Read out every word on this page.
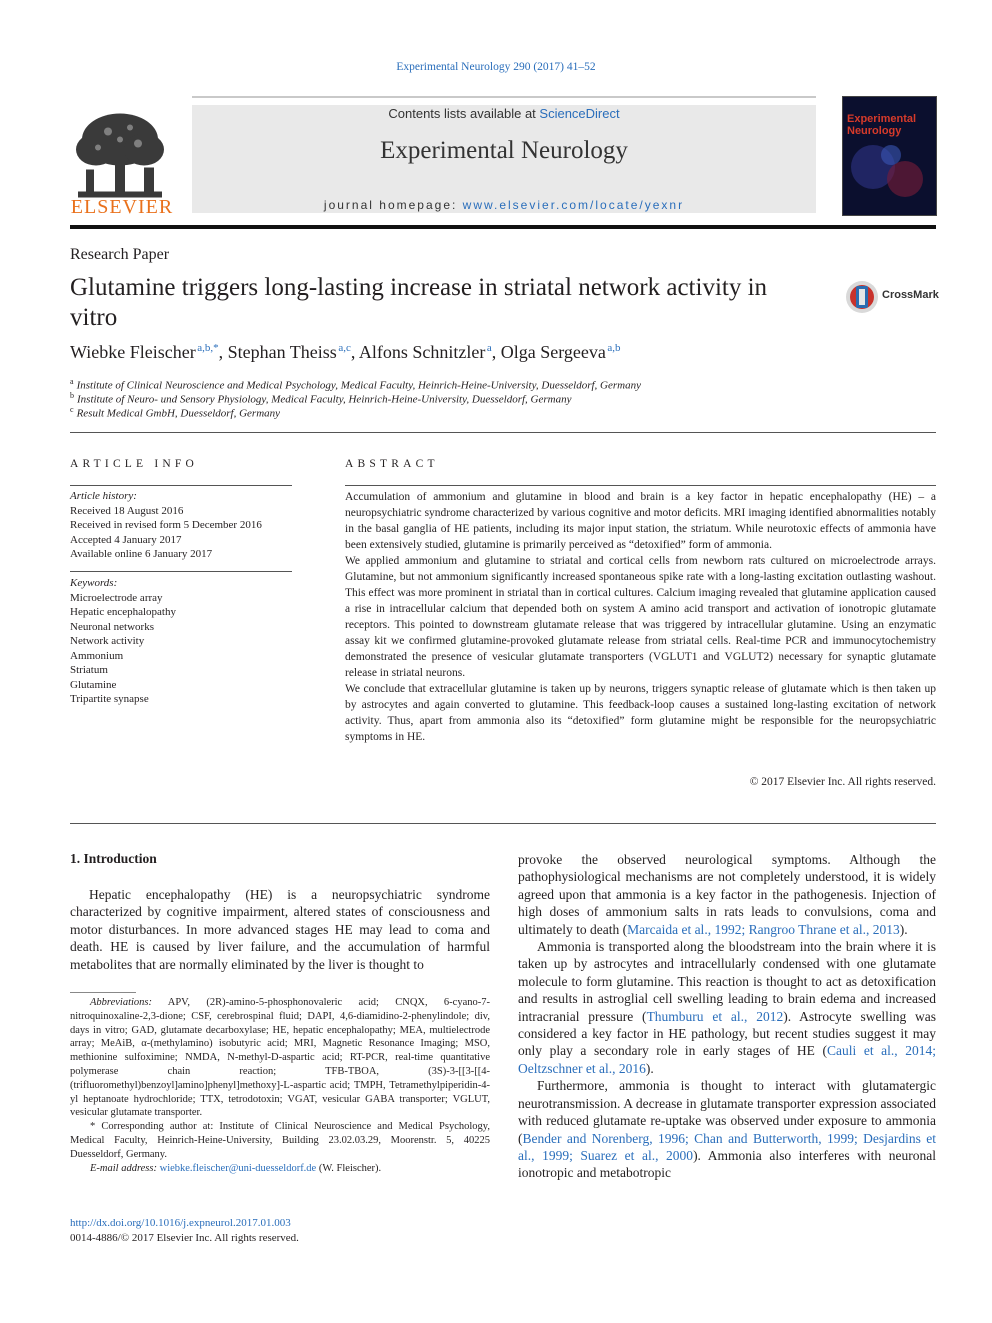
Experimental Neurology 290 (2017) 41–52
ELSEVIER
Contents lists available at ScienceDirect
Experimental Neurology
journal homepage: www.elsevier.com/locate/yexnr
Experimental Neurology
Research Paper
Glutamine triggers long-lasting increase in striatal network activity in vitro
CrossMark
Wiebke Fleischer  $^{a,b,*}$, Stephan Theiss  $^{a,c}$, Alfons Schnitzler  $^a$, Olga Sergeeva  $^{a,b}$
$^a$ Institute of Clinical Neuroscience and Medical Psychology, Medical Faculty, Heinrich-Heine-University, Duesseldorf, Germany
$^b$ Institute of Neuro- und Sensory Physiology, Medical Faculty, Heinrich-Heine-University, Duesseldorf, Germany
$^c$ Result Medical GmbH, Duesseldorf, Germany
ARTICLE INFO
Article history:
Received 18 August 2016
Received in revised form 5 December 2016
Accepted 4 January 2017
Available online 6 January 2017
Keywords:
Microelectrode array
Hepatic encephalopathy
Neuronal networks
Network activity
Ammonium
Striatum
Glutamine
Tripartite synapse
ABSTRACT

Accumulation of ammonium and glutamine in blood and brain is a key factor in hepatic encephalopathy (HE) – a neuropsychiatric syndrome characterized by various cognitive and motor deficits. MRI imaging identified abnormalities notably in the basal ganglia of HE patients, including its major input station, the striatum. While neurotoxic effects of ammonia have been extensively studied, glutamine is primarily perceived as “detoxified” form of ammonia.

We applied ammonium and glutamine to striatal and cortical cells from newborn rats cultured on microelectrode arrays. Glutamine, but not ammonium significantly increased spontaneous spike rate with a long-lasting excitation outlasting washout. This effect was more prominent in striatal than in cortical cultures. Calcium imaging revealed that glutamine application caused a rise in intracellular calcium that depended both on system A amino acid transport and activation of ionotropic glutamate receptors. This pointed to downstream glutamate release that was triggered by intracellular glutamine. Using an enzymatic assay kit we confirmed glutamine-provoked glutamate release from striatal cells. Real-time PCR and immunocytochemistry demonstrated the presence of vesicular glutamate transporters (VGLUT1 and VGLUT2) necessary for synaptic glutamate release in striatal neurons.

We conclude that extracellular glutamine is taken up by neurons, triggers synaptic release of glutamate which is then taken up by astrocytes and again converted to glutamine. This feedback-loop causes a sustained long-lasting excitation of network activity. Thus, apart from ammonia also its “detoxified” form glutamine might be responsible for the neuropsychiatric symptoms in HE.

© 2017 Elsevier Inc. All rights reserved.
1. Introduction

Hepatic encephalopathy (HE) is a neuropsychiatric syndrome characterized by cognitive impairment, altered states of consciousness and motor disturbances. In more advanced stages HE may lead to coma and death. HE is caused by liver failure, and the accumulation of harmful metabolites that are normally eliminated by the liver is thought to

Abbreviations: APV, (2R)-amino-5-phosphonovaleric acid; CNQX, 6-cyano-7-nitroquinoxaline-2,3-dione; CSF, cerebrospinal fluid; DAPI, 4,6-diamidino-2-phenylindole; div, days in vitro; GAD, glutamate decarboxylase; HE, hepatic encephalopathy; MEA, multielectrode array; MeAiB, α-(methylamino) isobutyric acid; MRI, Magnetic Resonance Imaging; MSO, methionine sulfoximine; NMDA, N-methyl-D-aspartic acid; RT-PCR, real-time quantitative polymerase chain reaction; TFB-TBOA, (3S)-3-[[3-[[4-(trifluoromethyl)benzoyl]amino]phenyl]methoxy]-L-aspartic acid; TMPH, Tetramethylpiperidin-4-yl heptanoate hydrochloride; TTX, tetrodotoxin; VGAT, vesicular GABA transporter; VGLUT, vesicular glutamate transporter.

* Corresponding author at: Institute of Clinical Neuroscience and Medical Psychology, Medical Faculty, Heinrich-Heine-University, Building 23.02.03.29, Moorenstr. 5, 40225 Duesseldorf, Germany.

E-mail address: wiebke.fleischer@uni-duesseldorf.de (W. Fleischer).

provoke the observed neurological symptoms. Although the pathophysiological mechanisms are not completely understood, it is widely agreed upon that ammonia is a key factor in the pathogenesis. Injection of high doses of ammonium salts in rats leads to convulsions, coma and ultimately to death (Marcaida et al., 1992; Rangroo Thrane et al., 2013).

Ammonia is transported along the bloodstream into the brain where it is taken up by astrocytes and intracellularly condensed with one glutamate molecule to form glutamine. This reaction is thought to act as detoxification and results in astroglial cell swelling leading to brain edema and increased intracranial pressure (Thumburu et al., 2012). Astrocyte swelling was considered a key factor in HE pathology, but recent studies suggest it may only play a secondary role in early stages of HE (Cauli et al., 2014; Oeltzschner et al., 2016).

Furthermore, ammonia is thought to interact with glutamatergic neurotransmission. A decrease in glutamate transporter expression associated with reduced glutamate re-uptake was observed under exposure to ammonia (Bender and Norenberg, 1996; Chan and Butterworth, 1999; Desjardins et al., 1999; Suarez et al., 2000). Ammonia also interferes with neuronal ionotropic and metabotropic

http://dx.doi.org/10.1016/j.expneurol.2017.01.003
0014-4886/© 2017 Elsevier Inc. All rights reserved.
